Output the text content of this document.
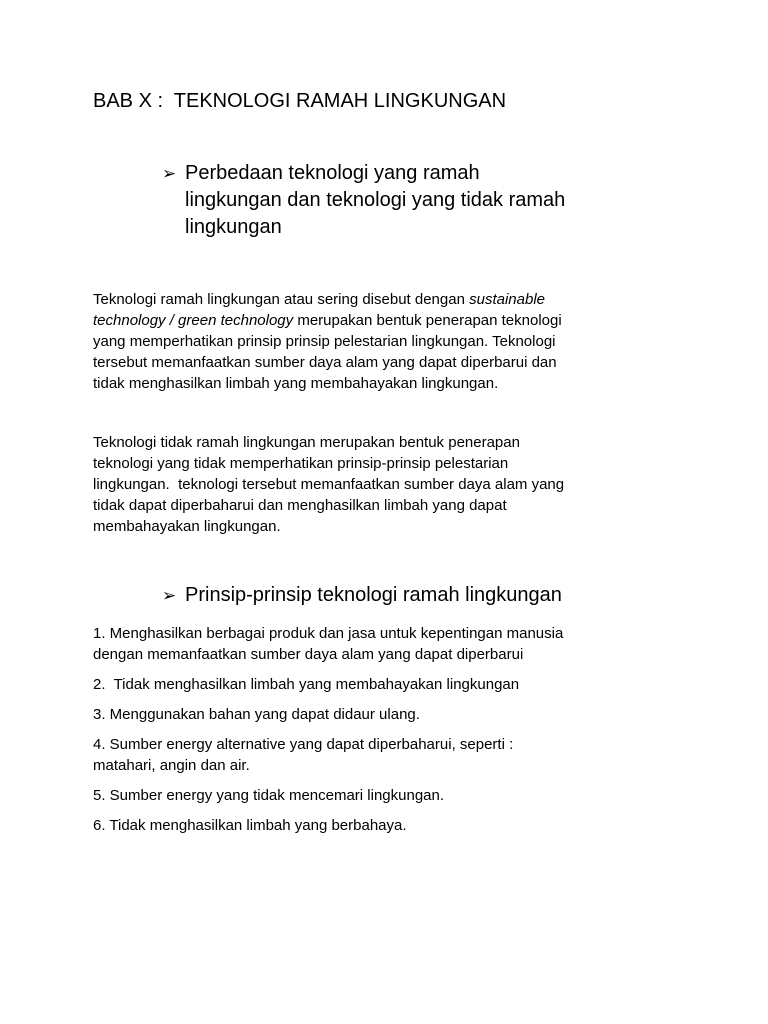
BAB X :  TEKNOLOGI RAMAH LINGKUNGAN
➢ Perbedaan teknologi yang ramah
lingkungan dan teknologi yang tidak ramah
lingkungan

Teknologi ramah lingkungan atau sering disebut dengan sustainable
technology / green technology merupakan bentuk penerapan teknologi
yang memperhatikan prinsip prinsip pelestarian lingkungan. Teknologi
tersebut memanfaatkan sumber daya alam yang dapat diperbarui dan
tidak menghasilkan limbah yang membahayakan lingkungan.

Teknologi tidak ramah lingkungan merupakan bentuk penerapan
teknologi yang tidak memperhatikan prinsip-prinsip pelestarian
lingkungan.  teknologi tersebut memanfaatkan sumber daya alam yang
tidak dapat diperbaharui dan menghasilkan limbah yang dapat
membahayakan lingkungan.

➢ Prinsip-prinsip teknologi ramah lingkungan
1. Menghasilkan berbagai produk dan jasa untuk kepentingan manusia
dengan memanfaatkan sumber daya alam yang dapat diperbarui
2.  Tidak menghasilkan limbah yang membahayakan lingkungan
3. Menggunakan bahan yang dapat didaur ulang.
4. Sumber energy alternative yang dapat diperbaharui, seperti :
matahari, angin dan air.
5. Sumber energy yang tidak mencemari lingkungan.
6. Tidak menghasilkan limbah yang berbahaya.
